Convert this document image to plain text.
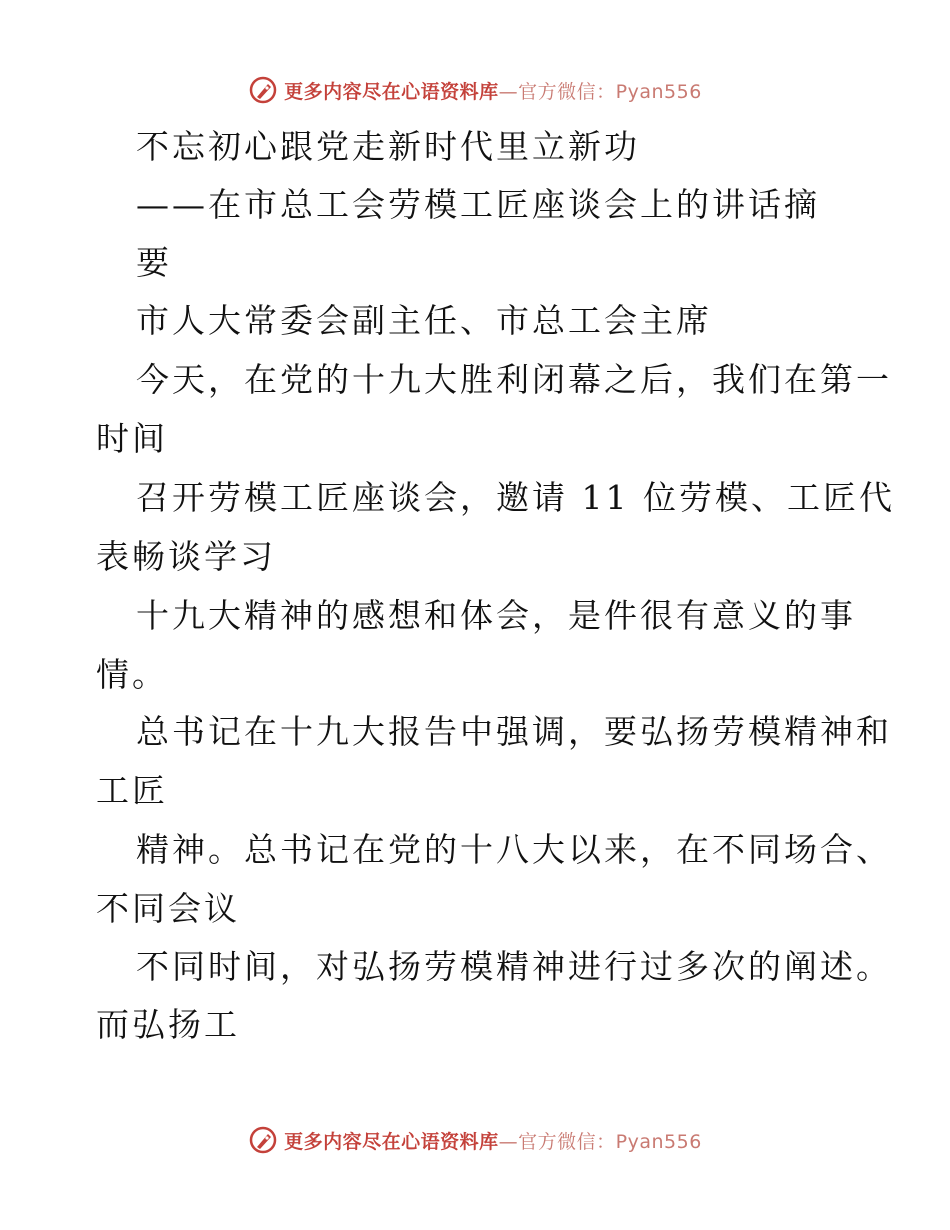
更多内容尽在心语资料库—官方微信：Pyan556
不忘初心跟党走新时代里立新功
——在市总工会劳模工匠座谈会上的讲话摘
要
市人大常委会副主任、市总工会主席
今天，在党的十九大胜利闭幕之后，我们在第一
时间
召开劳模工匠座谈会，邀请 11 位劳模、工匠代
表畅谈学习
十九大精神的感想和体会，是件很有意义的事
情。
总书记在十九大报告中强调，要弘扬劳模精神和
工匠
精神。总书记在党的十八大以来，在不同场合、
不同会议
不同时间，对弘扬劳模精神进行过多次的阐述。
而弘扬工
更多内容尽在心语资料库—官方微信：Pyan556
